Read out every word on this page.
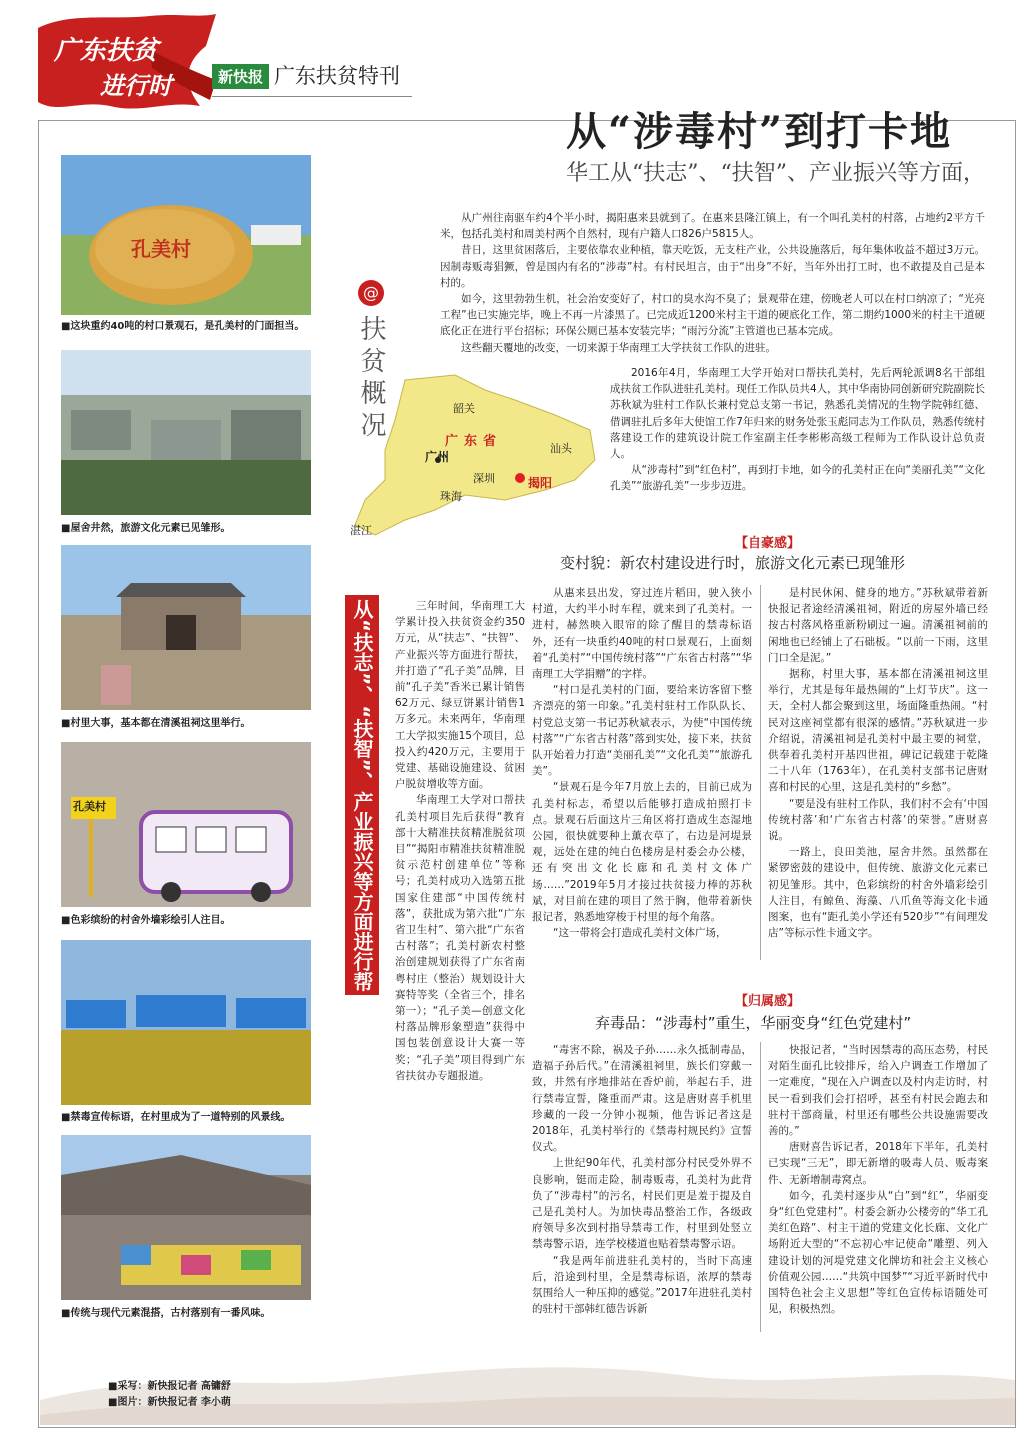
广东扶贫
进行时	新快报 广东扶贫特刊
从“涉毒村”到打卡地
华工从“扶志”、“扶智”、产业振兴等方面，
孔美村
■这块重约40吨的村口景观石，是孔美村的门面担当。
■屋舍井然，旅游文化元素已见雏形。
■村里大事，基本都在清溪祖祠这里举行。
孔美村
■色彩缤纷的村舍外墙彩绘引人注目。
■禁毒宣传标语，在村里成为了一道特别的风景线。
■传统与现代元素混搭，古村落别有一番风味。
@
扶贫概况

从广州往南驱车约4个半小时，揭阳惠来县就到了。在惠来县隆江镇上，有一个叫孔美村的村落，占地约2平方千米，包括孔美村和周美村两个自然村，现有户籍人口826户5815人。

昔日，这里贫困落后，主要依靠农业种植，靠天吃饭，无支柱产业，公共设施落后，每年集体收益不超过3万元。因制毒贩毒猖獗，曾是国内有名的“涉毒”村。有村民坦言，由于“出身”不好，当年外出打工时，也不敢提及自己是本村的。

如今，这里勃勃生机，社会治安变好了，村口的臭水沟不臭了；景观带在建，傍晚老人可以在村口纳凉了；“光亮工程”也已实施完毕，晚上不再一片漆黑了。已完成近1200米村主干道的硬底化工作，第二期约1000米的村主干道硬底化正在进行平台招标；环保公厕已基本安装完毕；“雨污分流”主管道也已基本完成。

这些翻天覆地的改变，一切来源于华南理工大学扶贫工作队的进驻。

广东省
韶关
广州
深圳
珠海
汕头
揭阳
湛江

2016年4月，华南理工大学开始对口帮扶孔美村，先后两轮派调8名干部组成扶贫工作队进驻孔美村。现任工作队员共4人，其中华南协同创新研究院副院长苏秋斌为驻村工作队长兼村党总支第一书记，熟悉孔美情况的生物学院韩红德、借调驻扎后多年大使馆工作7年归来的财务处张玉彪同志为工作队员，熟悉传统村落建设工作的建筑设计院工作室副主任李彬彬高级工程师为工作队设计总负责人。

从“涉毒村”到“红色村”，再到打卡地，如今的孔美村正在向“美丽孔美”“文化孔美”“旅游孔美”一步步迈进。

从“扶志”、“扶智”、产业振兴等方面进行帮扶

三年时间，华南理工大学累计投入扶贫资金约350万元，从“扶志”、“扶智”、产业振兴等方面进行帮扶，并打造了“孔子美”品牌，目前“孔子美”香米已累计销售62万元、绿豆饼累计销售1万多元。未来两年，华南理工大学拟实施15个项目，总投入约420万元，主要用于党建、基础设施建设、贫困户脱贫增收等方面。

华南理工大学对口帮扶孔美村项目先后获得“教育部十大精准扶贫精准脱贫项目”“揭阳市精准扶贫精准脱贫示范村创建单位”等称号；孔美村成功入选第五批国家住建部“中国传统村落”，获批成为第六批“广东省卫生村”、第六批“广东省古村落”；孔美村新农村整治创建规划获得了广东省南粤村庄（整治）规划设计大赛特等奖（全省三个，排名第一）；“孔子美—创意文化村落品牌形象塑造”获得中国包装创意设计大赛一等奖；“孔子美”项目得到广东省扶贫办专题报道。

【自豪感】
变村貌：新农村建设进行时，旅游文化元素已现雏形

从惠来县出发，穿过连片稻田，驶入狭小村道，大约半小时车程，就来到了孔美村。一进村，赫然映入眼帘的除了醒目的禁毒标语外，还有一块重约40吨的村口景观石，上面刻着“孔美村”“中国传统村落”“广东省古村落”“华南理工大学捐赠”的字样。

“村口是孔美村的门面，要给来访客留下整齐漂亮的第一印象。”孔美村驻村工作队队长、村党总支第一书记苏秋斌表示，为使“中国传统村落”“广东省古村落”落到实处，接下来，扶贫队开始着力打造“美丽孔美”“文化孔美”“旅游孔美”。

“景观石是今年7月放上去的，目前已成为孔美村标志，希望以后能够打造成拍照打卡点。景观石后面这片三角区将打造成生态湿地公园，很快就要种上薰衣草了，右边是河堤景观，远处在建的纯白色楼房是村委会办公楼，还有突出文化长廊和孔美村文体广场……”2019年5月才接过扶贫接力棒的苏秋斌，对目前在建的项目了然于胸，他带着新快报记者，熟悉地穿梭于村里的每个角落。

“这一带将会打造成孔美村文体广场，

是村民休闲、健身的地方。”苏秋斌带着新快报记者途经清溪祖祠，附近的房屋外墙已经按古村落风格重新粉刷过一遍。清溪祖祠前的闲地也已经铺上了石础板。“以前一下雨，这里门口全是泥。”

据称，村里大事，基本都在清溪祖祠这里举行，尤其是每年最热闹的“上灯节庆”。这一天，全村人都会聚到这里，场面隆重热闹。“村民对这座祠堂都有很深的感情。”苏秋斌进一步介绍说，清溪祖祠是孔美村中最主要的祠堂，供奉着孔美村开基四世祖，碑记记载建于乾隆二十八年（1763年），在孔美村支部书记唐财喜和村民的心里，这是孔美村的“乡愁”。

“要是没有驻村工作队，我们村不会有‘中国传统村落’和‘广东省古村落’的荣誉。”唐财喜说。

一路上，良田美池，屋舍井然。虽然都在紧锣密鼓的建设中，但传统、旅游文化元素已初见雏形。其中，色彩缤纷的村舍外墙彩绘引人注目，有鲸鱼、海藻、八爪鱼等海文化卡通图案，也有“距孔美小学还有520步”“有间理发店”等标示性卡通文字。

【归属感】
弃毒品：“涉毒村”重生，华丽变身“红色党建村”

“毒害不除，祸及子孙……永久抵制毒品，造福子孙后代。”在清溪祖祠里，族长们穿戴一致，井然有序地排站在香炉前，举起右手，进行禁毒宣誓，隆重而严肃。这是唐财喜手机里珍藏的一段一分钟小视频，他告诉记者这是2018年，孔美村举行的《禁毒村规民约》宣誓仪式。

上世纪90年代，孔美村部分村民受外界不良影响，铤而走险，制毒贩毒，孔美村为此背负了“涉毒村”的污名，村民们更是羞于提及自己是孔美村人。为加快毒品整治工作，各级政府领导多次到村指导禁毒工作，村里到处竖立禁毒警示语，连学校楼道也贴着禁毒警示语。

“我是两年前进驻孔美村的，当时下高速后，沿途到村里，全是禁毒标语，浓厚的禁毒氛围给人一种压抑的感觉。”2017年进驻孔美村的驻村干部韩红德告诉新

快报记者，“当时因禁毒的高压态势，村民对陌生面孔比较排斥，给入户调查工作增加了一定难度，“现在入户调查以及村内走访时，村民一看到我们会打招呼，甚至有村民会跑去和驻村干部商量，村里还有哪些公共设施需要改善的。”

唐财喜告诉记者，2018年下半年，孔美村已实现“三无”，即无新增的吸毒人员、贩毒案件、无新增制毒窝点。

如今，孔美村逐步从“白”到“红”，华丽变身“红色党建村”。村委会新办公楼旁的“华工孔美红色路”、村主干道的党建文化长廊、文化广场附近大型的“不忘初心牢记使命”雕塑、列入建设计划的河堤党建文化牌坊和社会主义核心价值观公园……“共筑中国梦”“习近平新时代中国特色社会主义思想”等红色宣传标语随处可见，积极热烈。

■采写：新快报记者 高镛舒
■图片：新快报记者 李小萌
